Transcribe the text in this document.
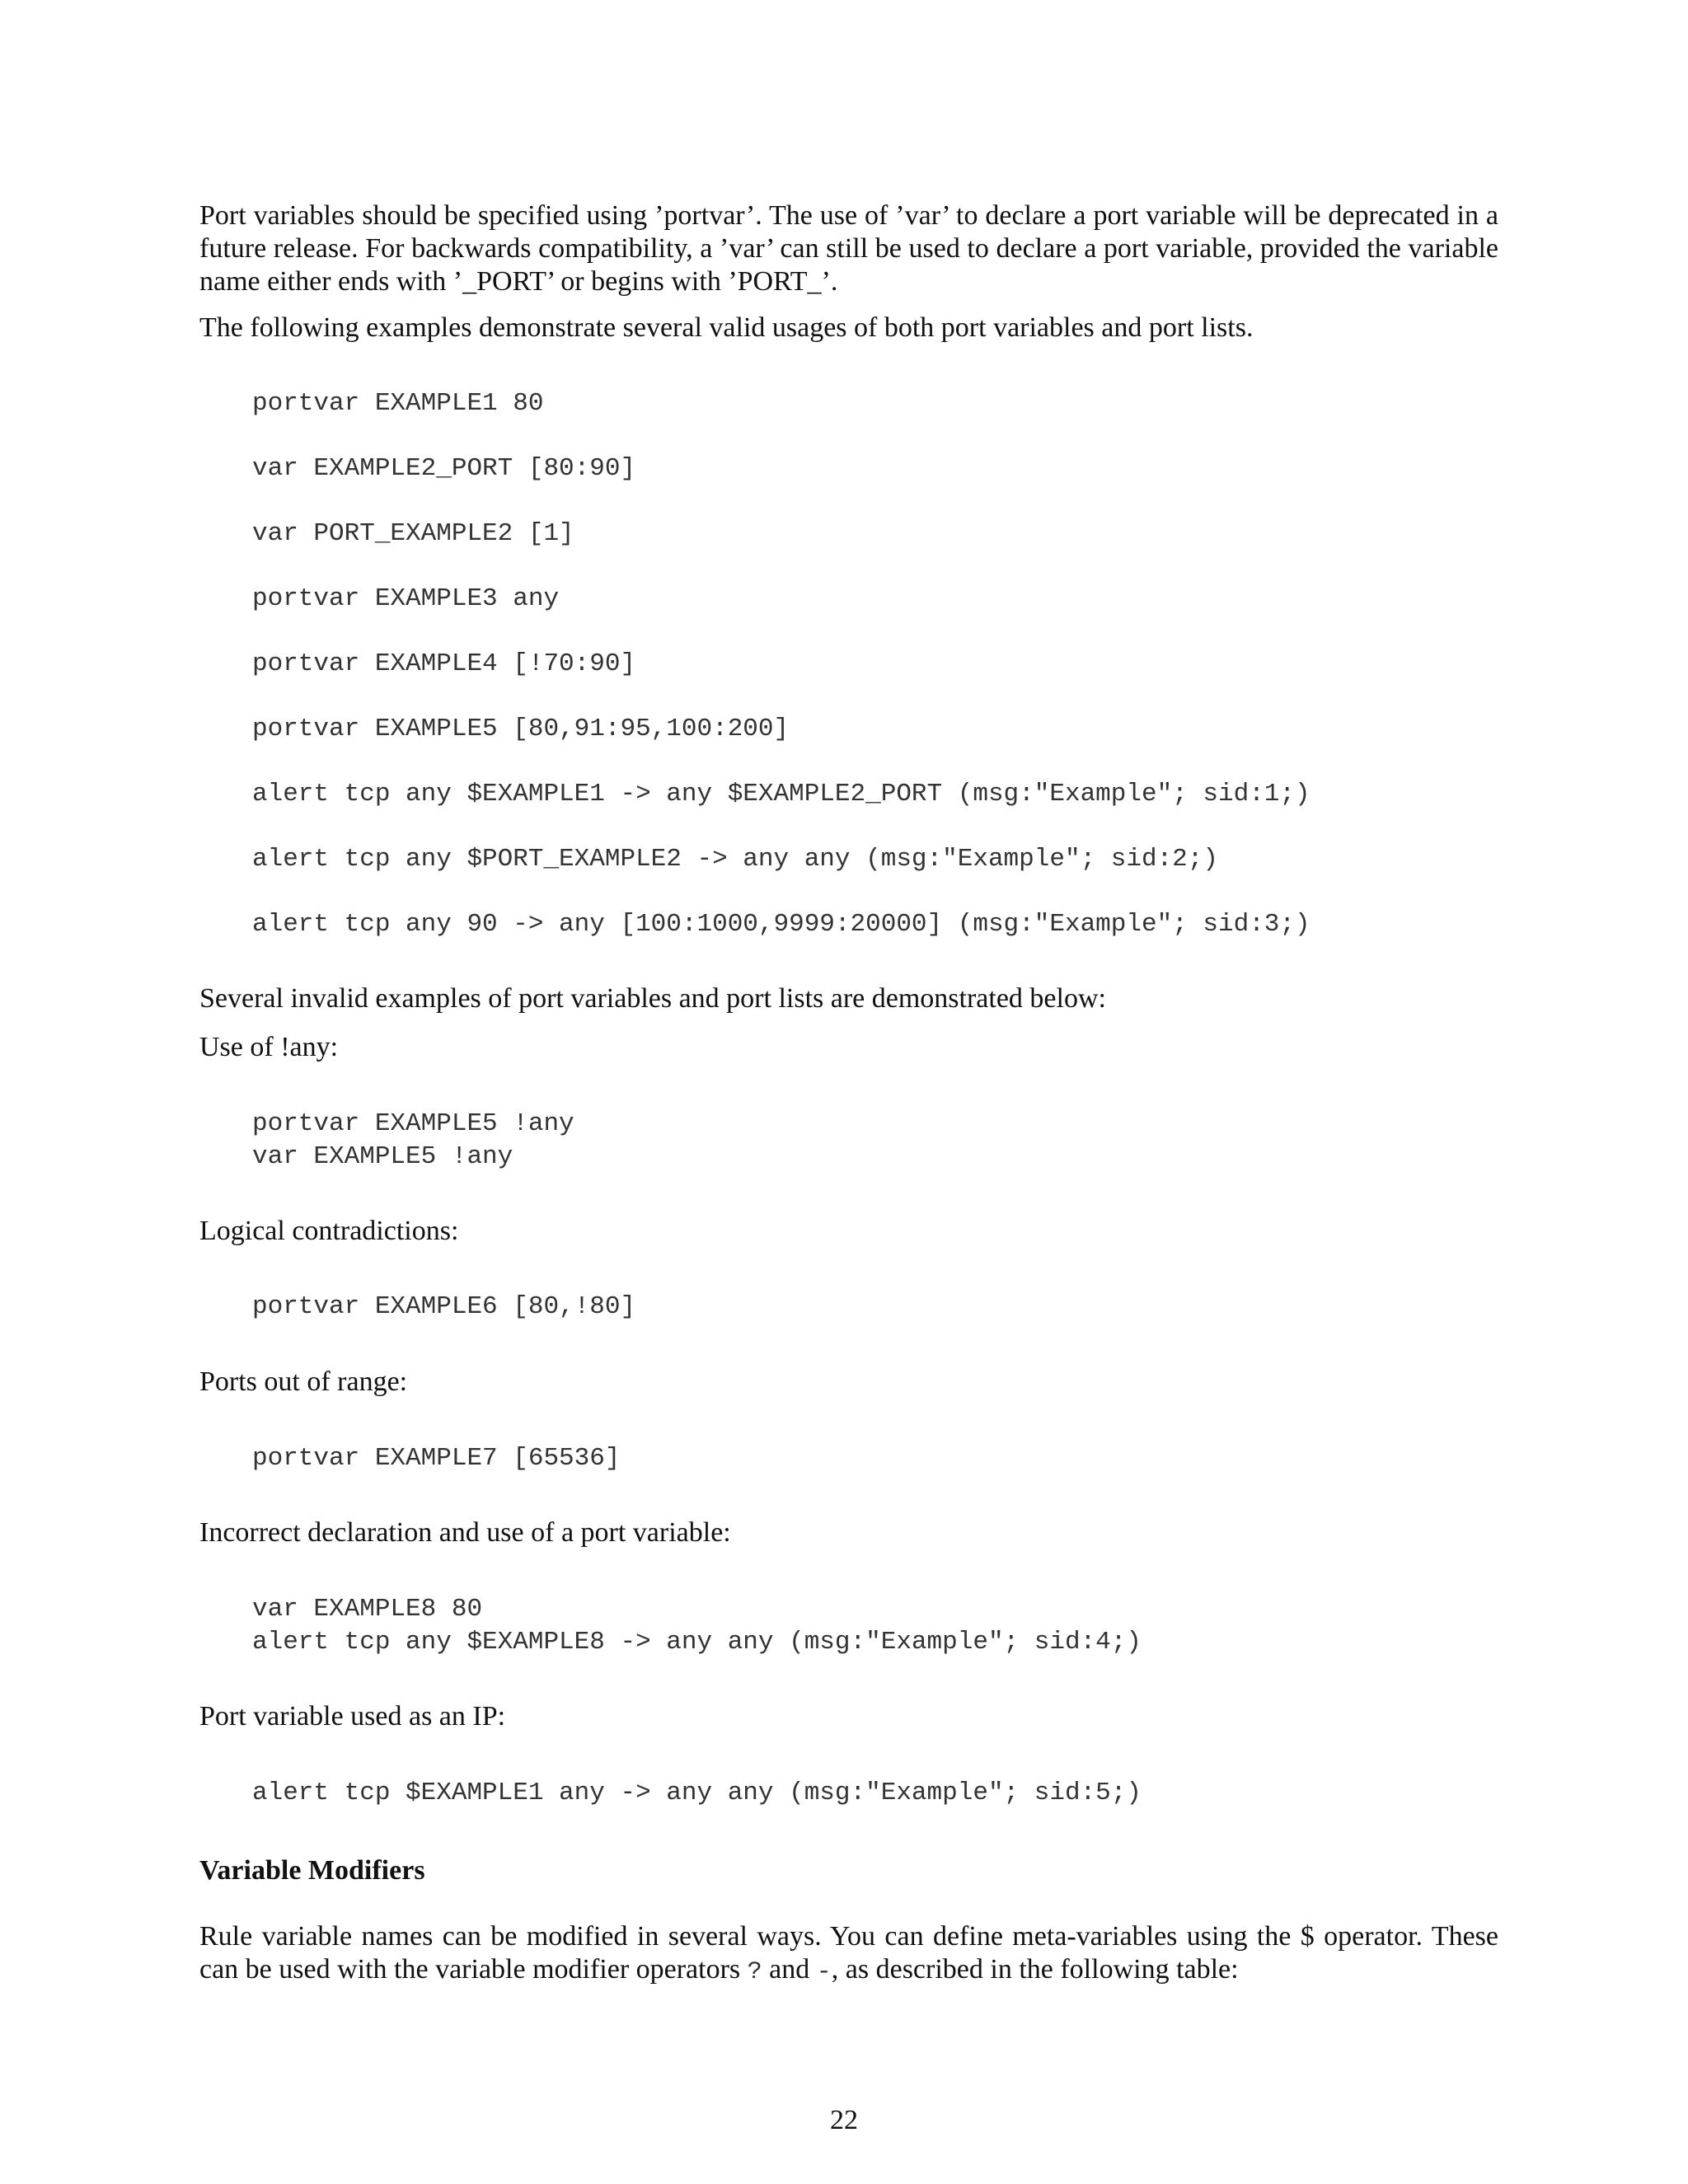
Port variables should be specified using ’portvar’. The use of ’var’ to declare a port variable will be deprecated in a
future release. For backwards compatibility, a ’var’ can still be used to declare a port variable, provided the variable
name either ends with ’_PORT’ or begins with ’PORT_’.
The following examples demonstrate several valid usages of both port variables and port lists.
portvar EXAMPLE1 80
var EXAMPLE2_PORT [80:90]
var PORT_EXAMPLE2 [1]
portvar EXAMPLE3 any
portvar EXAMPLE4 [!70:90]
portvar EXAMPLE5 [80,91:95,100:200]
alert tcp any $EXAMPLE1 -> any $EXAMPLE2_PORT (msg:"Example"; sid:1;)
alert tcp any $PORT_EXAMPLE2 -> any any (msg:"Example"; sid:2;)
alert tcp any 90 -> any [100:1000,9999:20000] (msg:"Example"; sid:3;)
Several invalid examples of port variables and port lists are demonstrated below:
Use of !any:
portvar EXAMPLE5 !any
var EXAMPLE5 !any
Logical contradictions:
portvar EXAMPLE6 [80,!80]
Ports out of range:
portvar EXAMPLE7 [65536]
Incorrect declaration and use of a port variable:
var EXAMPLE8 80
alert tcp any $EXAMPLE8 -> any any (msg:"Example"; sid:4;)
Port variable used as an IP:
alert tcp $EXAMPLE1 any -> any any (msg:"Example"; sid:5;)
Variable Modifiers
Rule variable names can be modified in several ways. You can define meta-variables using the $ operator. These can be used with the variable modifier operators ? and -, as described in the following table:
22
